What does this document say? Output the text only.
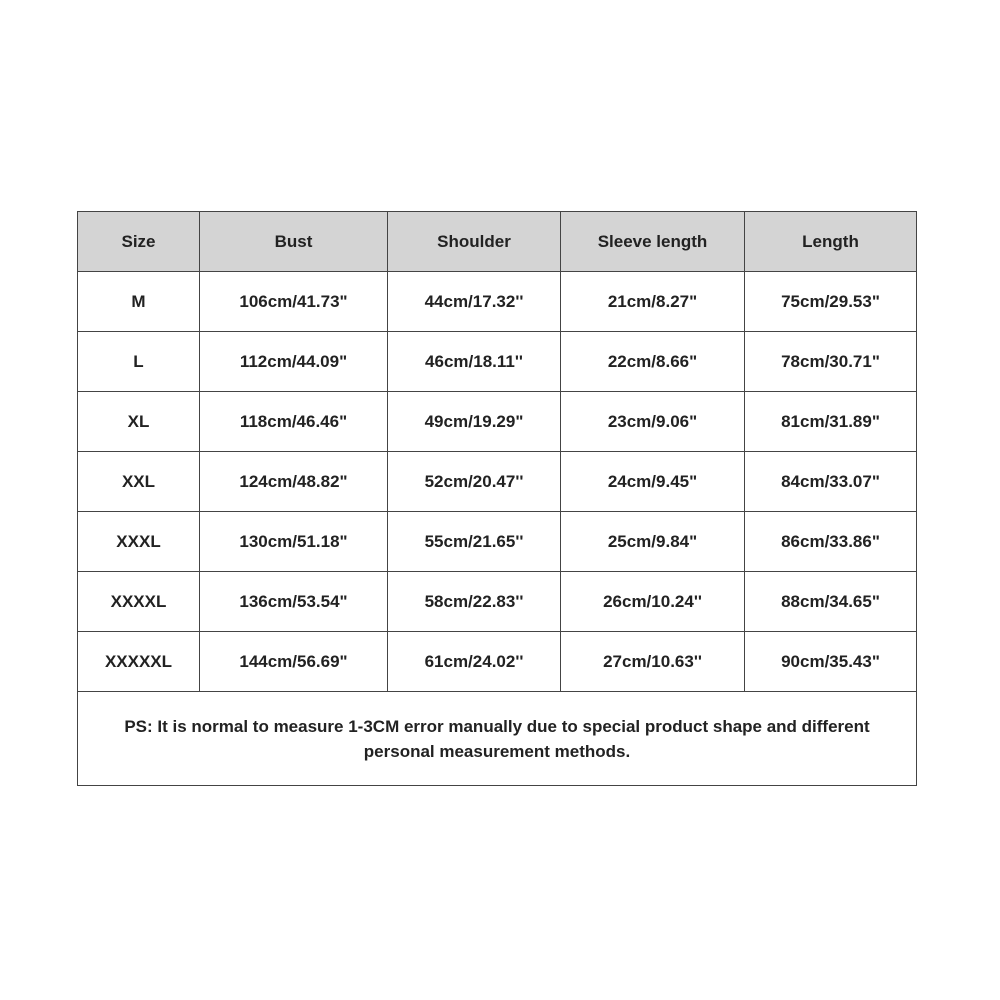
Size	Bust	Shoulder	Sleeve length	Length
M	106cm/41.73"	44cm/17.32''	21cm/8.27"	75cm/29.53"
L	112cm/44.09"	46cm/18.11''	22cm/8.66"	78cm/30.71"
XL	118cm/46.46"	49cm/19.29"	23cm/9.06"	81cm/31.89"
XXL	124cm/48.82"	52cm/20.47''	24cm/9.45"	84cm/33.07"
XXXL	130cm/51.18"	55cm/21.65''	25cm/9.84"	86cm/33.86"
XXXXL	136cm/53.54"	58cm/22.83''	26cm/10.24''	88cm/34.65"
XXXXXL	144cm/56.69"	61cm/24.02''	27cm/10.63''	90cm/35.43"
PS: It is normal to measure 1-3CM error manually due to special product shape and different personal measurement methods.				
